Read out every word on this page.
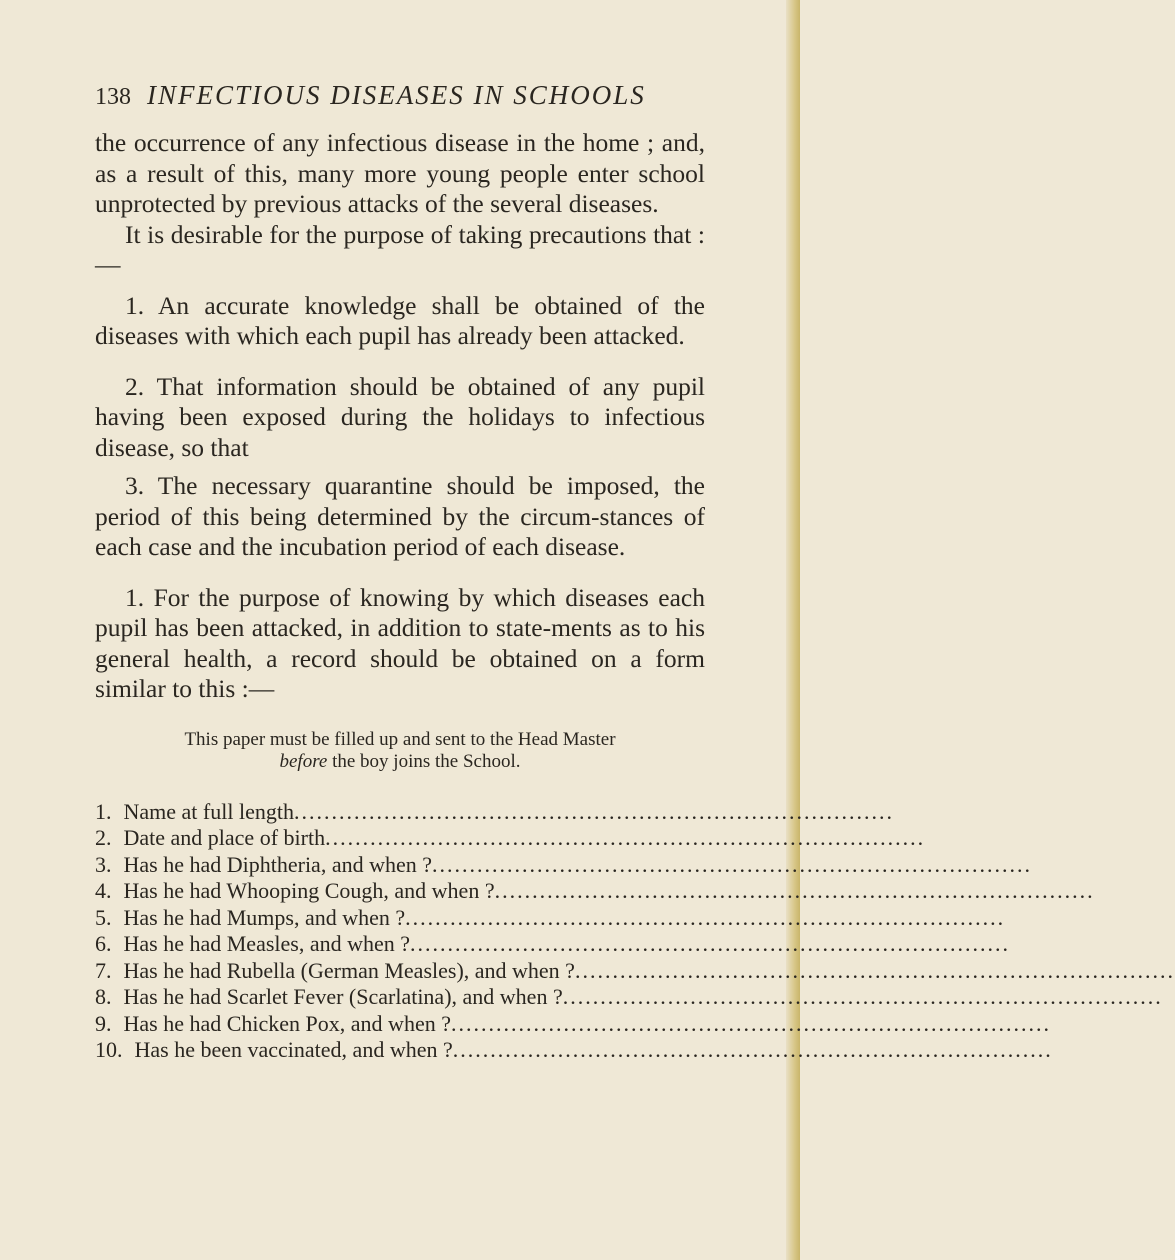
138 INFECTIOUS DISEASES IN SCHOOLS

the occurrence of any infectious disease in the home ; and, as a result of this, many more young people enter school unprotected by previous attacks of the several diseases.

It is desirable for the purpose of taking precautions that :—

1. An accurate knowledge shall be obtained of the diseases with which each pupil has already been attacked.

2. That information should be obtained of any pupil having been exposed during the holidays to infectious disease, so that

3. The necessary quarantine should be imposed, the period of this being determined by the circum-stances of each case and the incubation period of each disease.

1. For the purpose of knowing by which diseases each pupil has been attacked, in addition to state-ments as to his general health, a record should be obtained on a form similar to this :—

This paper must be filled up and sent to the Head Master
before the boy joins the School.
1. Name at full length ................................................................................
2. Date and place of birth ................................................................................
3. Has he had Diphtheria, and when ? ................................................................................
4. Has he had Whooping Cough, and when ? ................................................................................
5. Has he had Mumps, and when ? ................................................................................
6. Has he had Measles, and when ? ................................................................................
7. Has he had Rubella (German Measles), and when ? ................................................................................
8. Has he had Scarlet Fever (Scarlatina), and when ? ................................................................................
9. Has he had Chicken Pox, and when ? ................................................................................
10. Has he been vaccinated, and when ? ................................................................................
